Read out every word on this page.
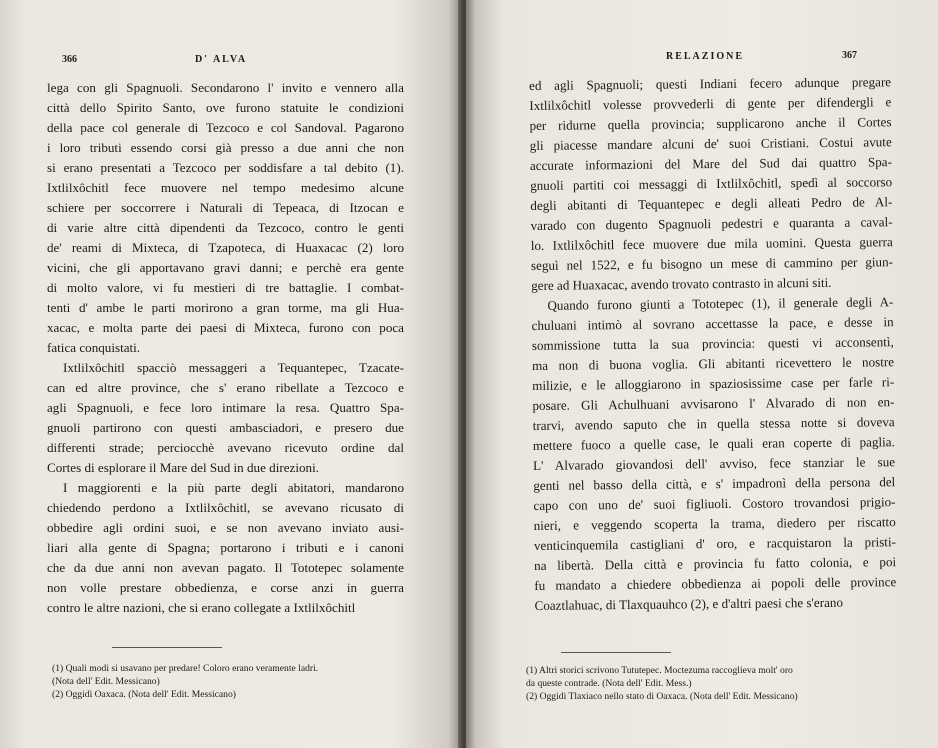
366	D' ALVA
lega con gli Spagnuoli. Secondarono l' invito e vennero alla
città dello Spirito Santo, ove furono statuite le condizioni
della pace col generale di Tezcoco e col Sandoval. Pagarono
i loro tributi essendo corsi già presso a due anni che non
si erano presentati a Tezcoco per soddisfare a tal debito (1).
Ixtlilxôchitl fece muovere nel tempo medesimo alcune
schiere per soccorrere i Naturali di Tepeaca, di Itzocan e
di varie altre città dipendenti da Tezcoco, contro le genti
de' reami di Mixteca, di Tzapoteca, di Huaxacac (2) loro
vicini, che gli apportavano gravi danni; e perchè era gente
di molto valore, vi fu mestieri di tre battaglie. I combat-
tenti d' ambe le parti morirono a gran torme, ma gli Hua-
xacac, e molta parte dei paesi di Mixteca, furono con poca
fatica conquistati.
Ixtlilxôchitl spacciò messaggeri a Tequantepec, Tzacate-
can ed altre province, che s' erano ribellate a Tezcoco e
agli Spagnuoli, e fece loro intimare la resa. Quattro Spa-
gnuoli partirono con questi ambasciadori, e presero due
differenti strade; perciocchè avevano ricevuto ordine dal
Cortes di esplorare il Mare del Sud in due direzioni.
I maggiorenti e la più parte degli abitatori, mandarono
chiedendo perdono a Ixtlilxôchitl, se avevano ricusato di
obbedire agli ordini suoi, e se non avevano inviato ausi-
liari alla gente di Spagna; portarono i tributi e i canoni
che da due anni non avevan pagato. Il Tototepec solamente
non volle prestare obbedienza, e corse anzi in guerra
contro le altre nazioni, che si erano collegate a Ixtlilxôchitl
(1) Quali modi si usavano per predare! Coloro erano veramente ladri.
(Nota dell' Edit. Messicano)
(2) Oggidì Oaxaca. (Nota dell' Edit. Messicano)
RELAZIONE	367
ed agli Spagnuoli; questi Indiani fecero adunque pregare
Ixtlilxôchitl volesse provvederli di gente per difendergli e
per ridurne quella provincia; supplicarono anche il Cortes
gli piacesse mandare alcuni de' suoi Cristiani. Costui avute
accurate informazioni del Mare del Sud dai quattro Spa-
gnuoli partiti coi messaggi di Ixtlilxôchitl, spedì al soccorso
degli abitanti di Tequantepec e degli alleati Pedro de Al-
varado con dugento Spagnuoli pedestri e quaranta a caval-
lo. Ixtlilxôchitl fece muovere due mila uomini. Questa guerra
seguì nel 1522, e fu bisogno un mese di cammino per giun-
gere ad Huaxacac, avendo trovato contrasto in alcuni siti.
Quando furono giunti a Tototepec (1), il generale degli A-
chuluani intimò al sovrano accettasse la pace, e desse in
sommissione tutta la sua provincia: questi vi acconsentì,
ma non di buona voglia. Gli abitanti ricevettero le nostre
milizie, e le alloggiarono in spaziosissime case per farle ri-
posare. Gli Achulhuani avvisarono l' Alvarado di non en-
trarvi, avendo saputo che in quella stessa notte si doveva
mettere fuoco a quelle case, le quali eran coperte di paglia.
L' Alvarado giovandosi dell' avviso, fece stanziar le sue
genti nel basso della città, e s' impadronì della persona del
capo con uno de' suoi figliuoli. Costoro trovandosi prigio-
nieri, e veggendo scoperta la trama, diedero per riscatto
venticinquemila castigliani d' oro, e racquistaron la pristi-
na libertà. Della città e provincia fu fatto colonia, e poi
fu mandato a chiedere obbedienza ai popoli delle province
Coaztlahuac, di Tlaxquauhco (2), e d'altri paesi che s'erano
(1) Altri storici scrivono Tututepec. Moctezuma raccoglieva molt' oro
da queste contrade. (Nota dell' Edit. Mess.)
(2) Oggidì Tlaxiaco nello stato di Oaxaca. (Nota dell' Edit. Messicano)
